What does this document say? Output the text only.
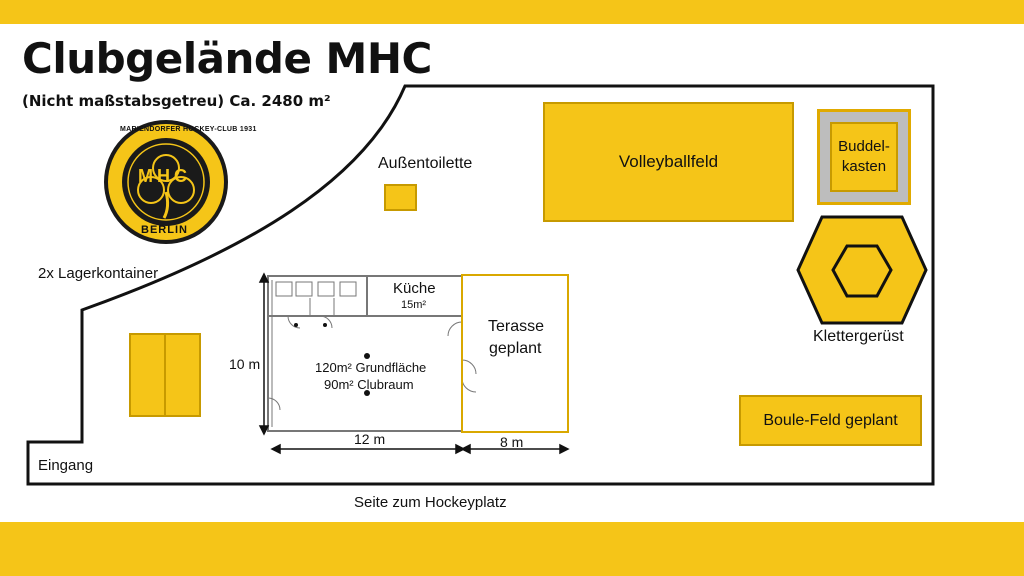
Clubgelände MHC
(Nicht maßstabsgetreu) Ca. 2480 m²
MHC
BERLIN
MARIENDORFER HOCKEY-CLUB 1931
Außentoilette	Volleyballfeld
Buddel-
kasten
Klettergerüst
Boule-Feld geplant
2x Lagerkontainer
Eingang
Seite zum Hockeyplatz
Küche
15m²
Terasse
geplant
120m² Grundfläche
90m² Clubraum
10 m
12 m	8 m
